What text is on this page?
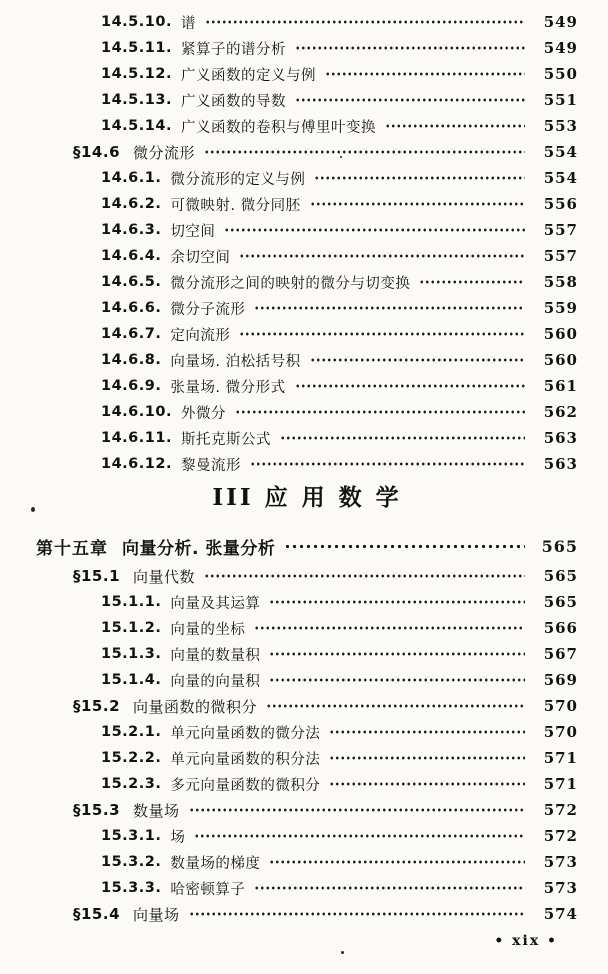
14.5.10. 谱	549
14.5.11. 紧算子的谱分析	549
14.5.12. 广义函数的定义与例	550
14.5.13. 广义函数的导数	551
14.5.14. 广义函数的卷积与傅里叶变换	553
§14.6 微分流形	554
14.6.1. 微分流形的定义与例	554
14.6.2. 可微映射. 微分同胚	556
14.6.3. 切空间	557
14.6.4. 余切空间	557
14.6.5. 微分流形之间的映射的微分与切变换	558
14.6.6. 微分子流形	559
14.6.7. 定向流形	560
14.6.8. 向量场. 泊松括号积	560
14.6.9. 张量场. 微分形式	561
14.6.10. 外微分	562
14.6.11. 斯托克斯公式	563
14.6.12. 黎曼流形	563
III 应 用 数 学
第十五章 向量分析. 张量分析	565
§15.1 向量代数	565
15.1.1. 向量及其运算	565
15.1.2. 向量的坐标	566
15.1.3. 向量的数量积	567
15.1.4. 向量的向量积	569
§15.2 向量函数的微积分	570
15.2.1. 单元向量函数的微分法	570
15.2.2. 单元向量函数的积分法	571
15.2.3. 多元向量函数的微积分	571
§15.3 数量场	572
15.3.1. 场	572
15.3.2. 数量场的梯度	573
15.3.3. 哈密顿算子	573
§15.4 向量场	574
• xix •
